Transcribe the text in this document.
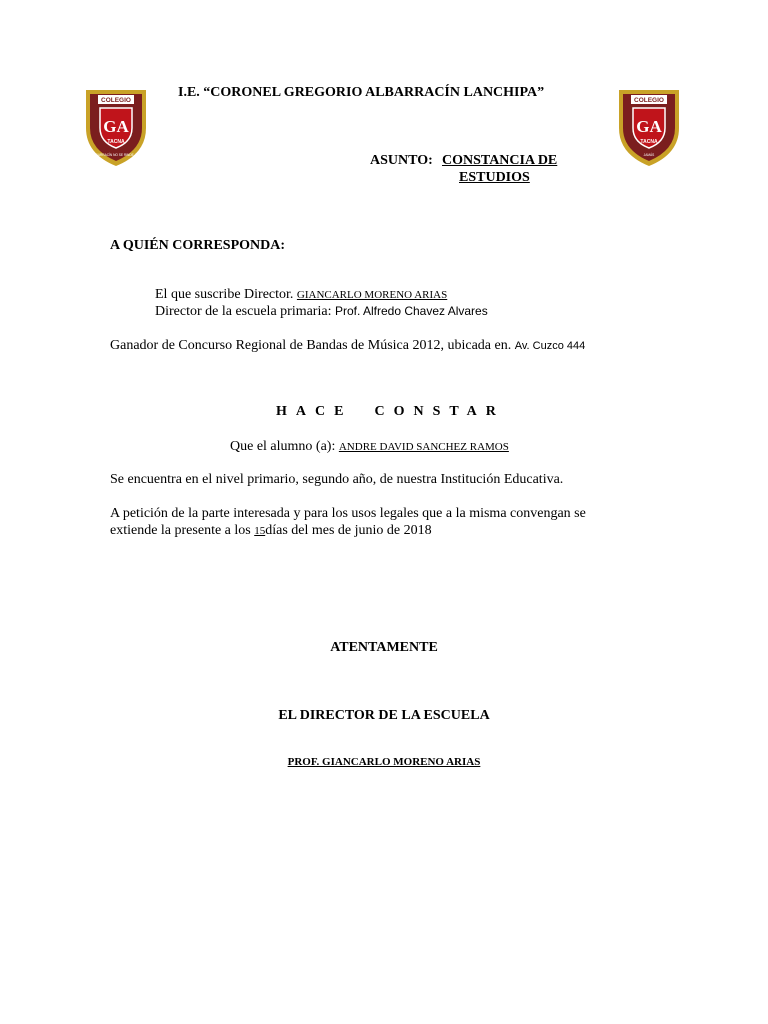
COLEGIO
GA
TACNA
DE ALBARRACÍN NO SE RINDE JAMÁS
COLEGIO
GA
TACNA
JAMÁS
I.E. “CORONEL GREGORIO ALBARRACÍN LANCHIPA”
ASUNTO: CONSTANCIA DE
ESTUDIOS
A QUIÉN CORRESPONDA:
El que suscribe Director. GIANCARLO MORENO ARIAS
Director de la escuela primaria: Prof. Alfredo Chavez Alvares
Ganador de Concurso Regional de Bandas de Música 2012, ubicada en. Av. Cuzco 444
HACE CONSTAR
Que el alumno (a): ANDRE DAVID SANCHEZ RAMOS
Se encuentra en el nivel primario, segundo año, de nuestra Institución Educativa.
A petición de la parte interesada y para los usos legales que a la misma convengan se
extiende la presente a los 15días del mes de junio de 2018
ATENTAMENTE
EL DIRECTOR DE LA ESCUELA
PROF. GIANCARLO MORENO ARIAS
